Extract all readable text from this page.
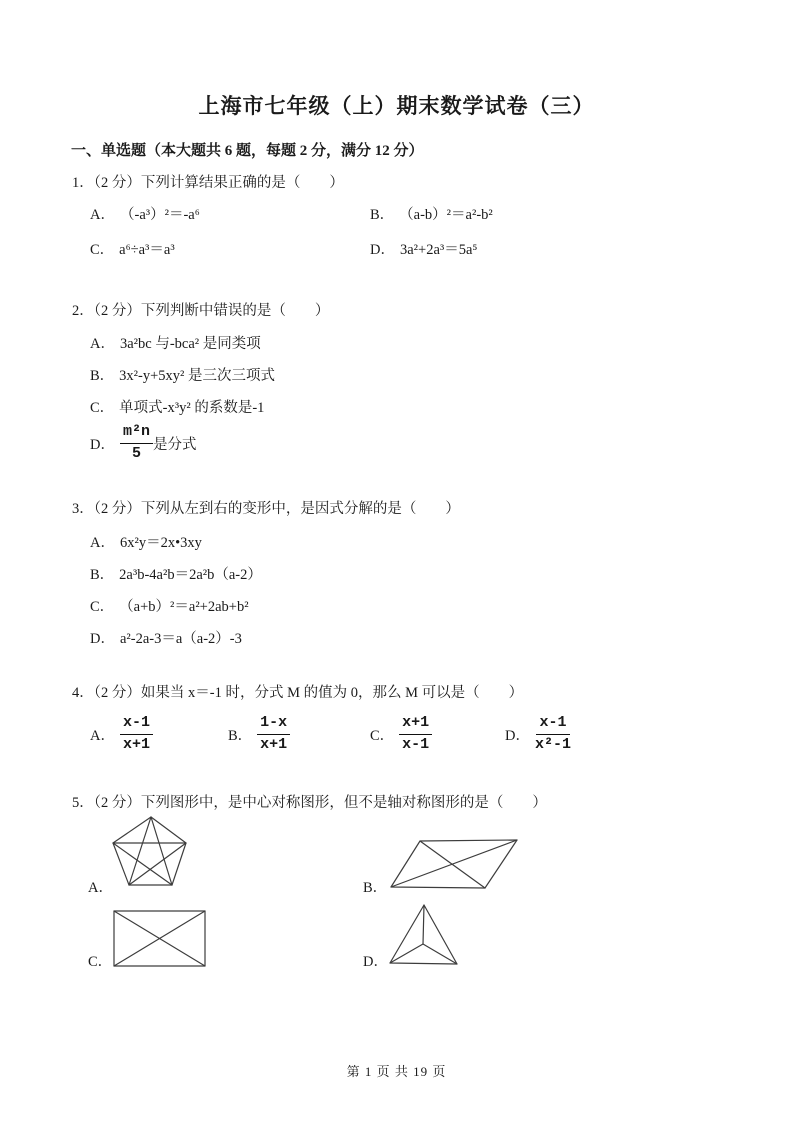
上海市七年级（上）期末数学试卷（三）
一、单选题（本大题共 6 题，每题 2 分，满分 12 分）
1．（2 分）下列计算结果正确的是（　　）
A． （-a³）²＝-a⁶	B． （a-b）²＝a²-b²
C． a⁶÷a³＝a³	D． 3a²+2a³＝5a⁵
2．（2 分）下列判断中错误的是（　　）
A． 3a²bc 与-bca² 是同类项
B． 3x²-y+5xy² 是三次三项式
C． 单项式-x³y² 的系数是-1
D． $\frac{\text{m²n}}{5}$ 是分式
3．（2 分）下列从左到右的变形中，是因式分解的是（　　）
A． 6x²y＝2x•3xy
B． 2a³b-4a²b＝2a²b（a-2）
C． （a+b）²＝a²+2ab+b²
D． a²-2a-3＝a（a-2）-3
4．（2 分）如果当 x＝-1 时，分式 M 的值为 0，那么 M 可以是（　　）
A． $\frac{x-1}{x+1}$	B． $\frac{1-x}{x+1}$	C． $\frac{x+1}{x-1}$	D． $\frac{x-1}{\text{x²-1}}$
5．（2 分）下列图形中，是中心对称图形，但不是轴对称图形的是（　　）
A．	B．
C．	D．
第 1 页 共 19 页
